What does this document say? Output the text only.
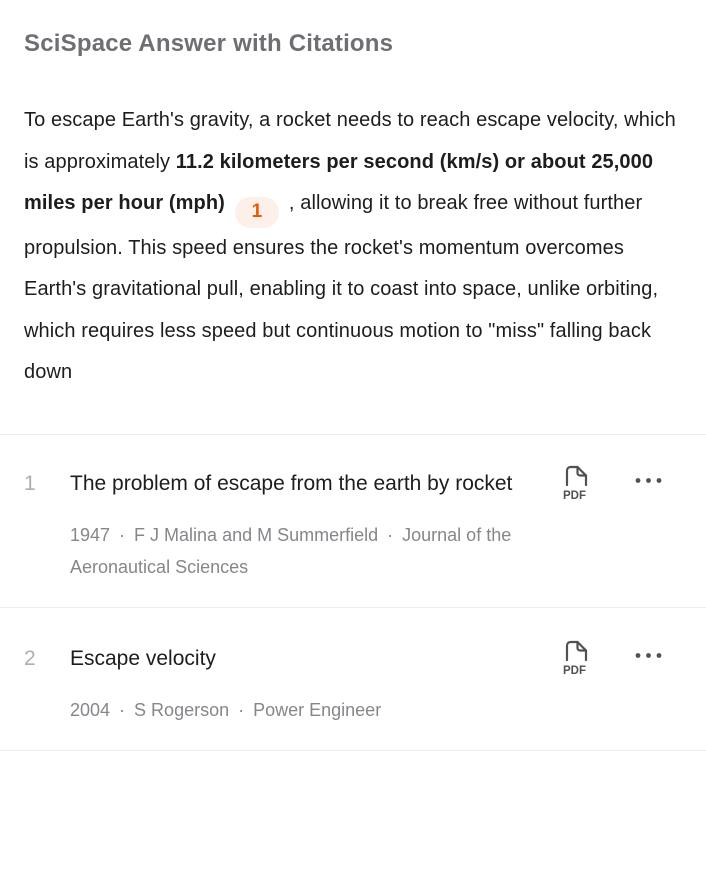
SciSpace Answer with Citations

To escape Earth's gravity, a rocket needs to reach escape velocity, which is approximately 11.2 kilometers per second (km/s) or about 25,000 miles per hour (mph) 1 , allowing it to break free without further propulsion. This speed ensures the rocket's momentum overcomes Earth's gravitational pull, enabling it to coast into space, unlike orbiting, which requires less speed but continuous motion to "miss" falling back down

1	The problem of escape from the earth by rocket
1947 · F J Malina and M Summerfield · Journal of the Aeronautical Sciences
PDF
2	Escape velocity
2004 · S Rogerson · Power Engineer
PDF
